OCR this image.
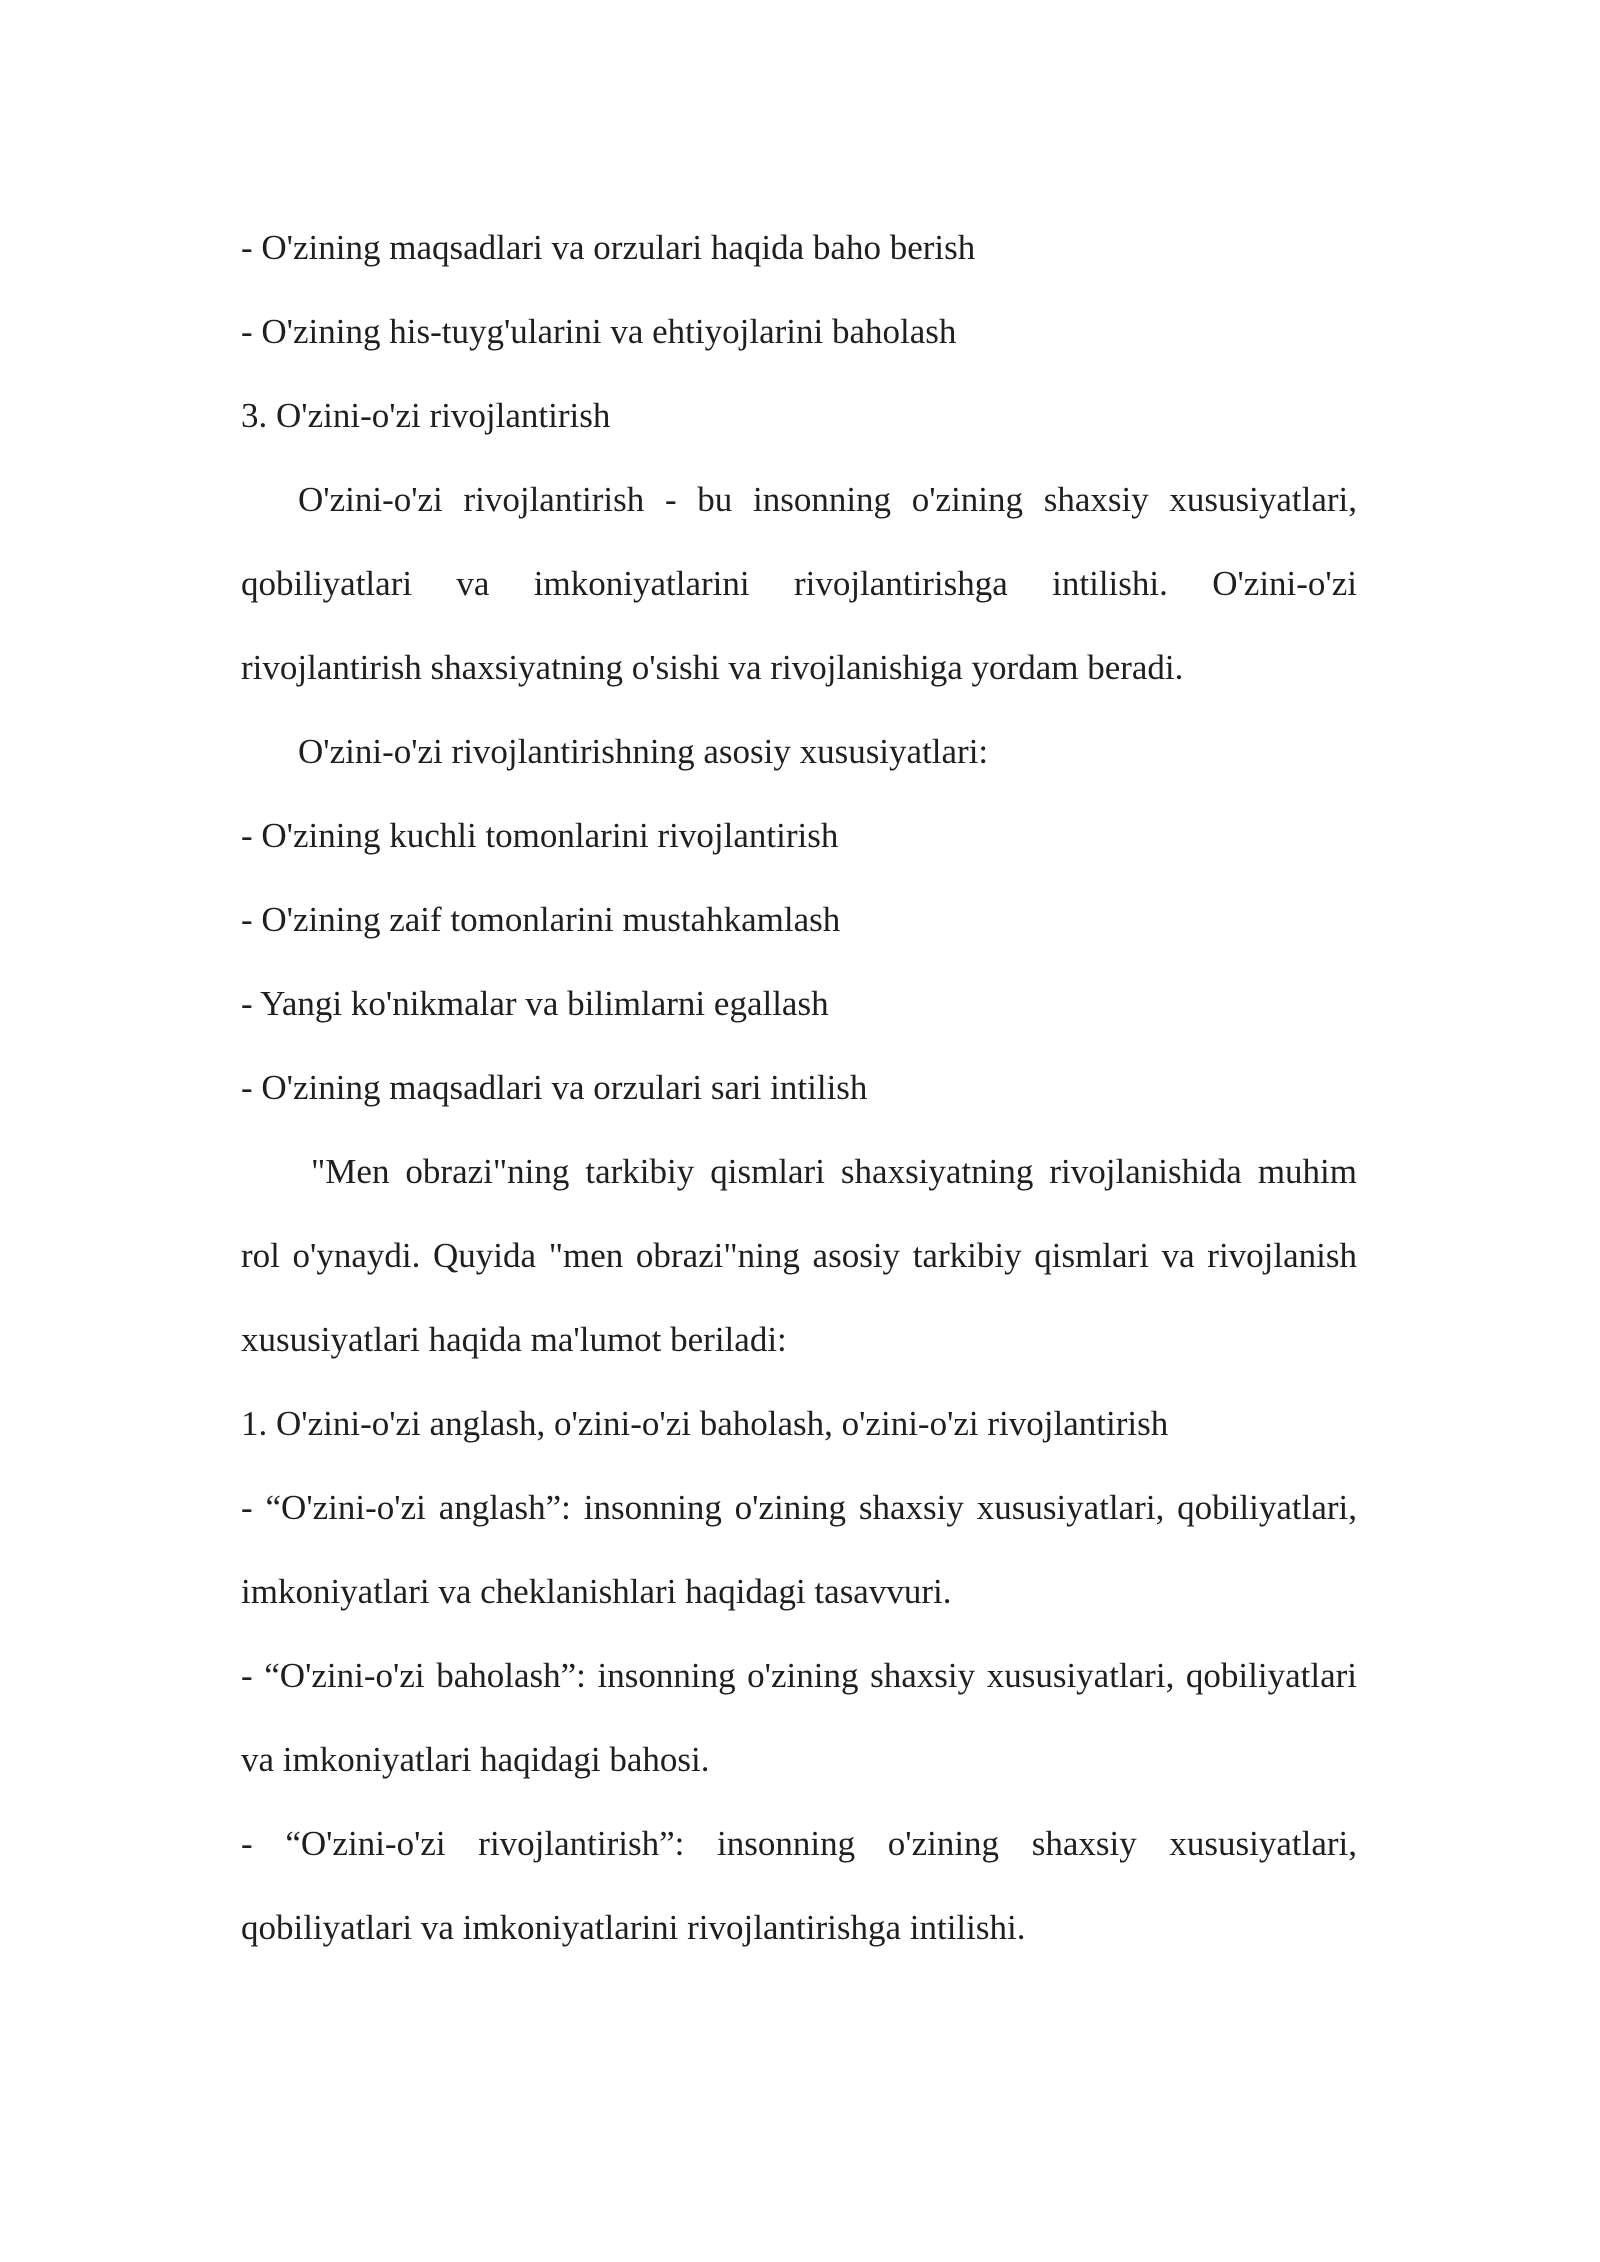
- O'zining maqsadlari va orzulari haqida baho berish

- O'zining his-tuyg'ularini va ehtiyojlarini baholash

3. O'zini-o'zi rivojlantirish

O'zini-o'zi rivojlantirish - bu insonning o'zining shaxsiy xususiyatlari, qobiliyatlari va imkoniyatlarini rivojlantirishga intilishi. O'zini-o'zi rivojlantirish shaxsiyatning o'sishi va rivojlanishiga yordam beradi.

O'zini-o'zi rivojlantirishning asosiy xususiyatlari:

- O'zining kuchli tomonlarini rivojlantirish

- O'zining zaif tomonlarini mustahkamlash

- Yangi ko'nikmalar va bilimlarni egallash

- O'zining maqsadlari va orzulari sari intilish

"Men obrazi"ning tarkibiy qismlari shaxsiyatning rivojlanishida muhim rol o'ynaydi. Quyida "men obrazi"ning asosiy tarkibiy qismlari va rivojlanish xususiyatlari haqida ma'lumot beriladi:

1. O'zini-o'zi anglash, o'zini-o'zi baholash, o'zini-o'zi rivojlantirish

- “O'zini-o'zi anglash”: insonning o'zining shaxsiy xususiyatlari, qobiliyatlari, imkoniyatlari va cheklanishlari haqidagi tasavvuri.

- “O'zini-o'zi baholash”: insonning o'zining shaxsiy xususiyatlari, qobiliyatlari va imkoniyatlari haqidagi bahosi.

- “O'zini-o'zi rivojlantirish”: insonning o'zining shaxsiy xususiyatlari, qobiliyatlari va imkoniyatlarini rivojlantirishga intilishi.
